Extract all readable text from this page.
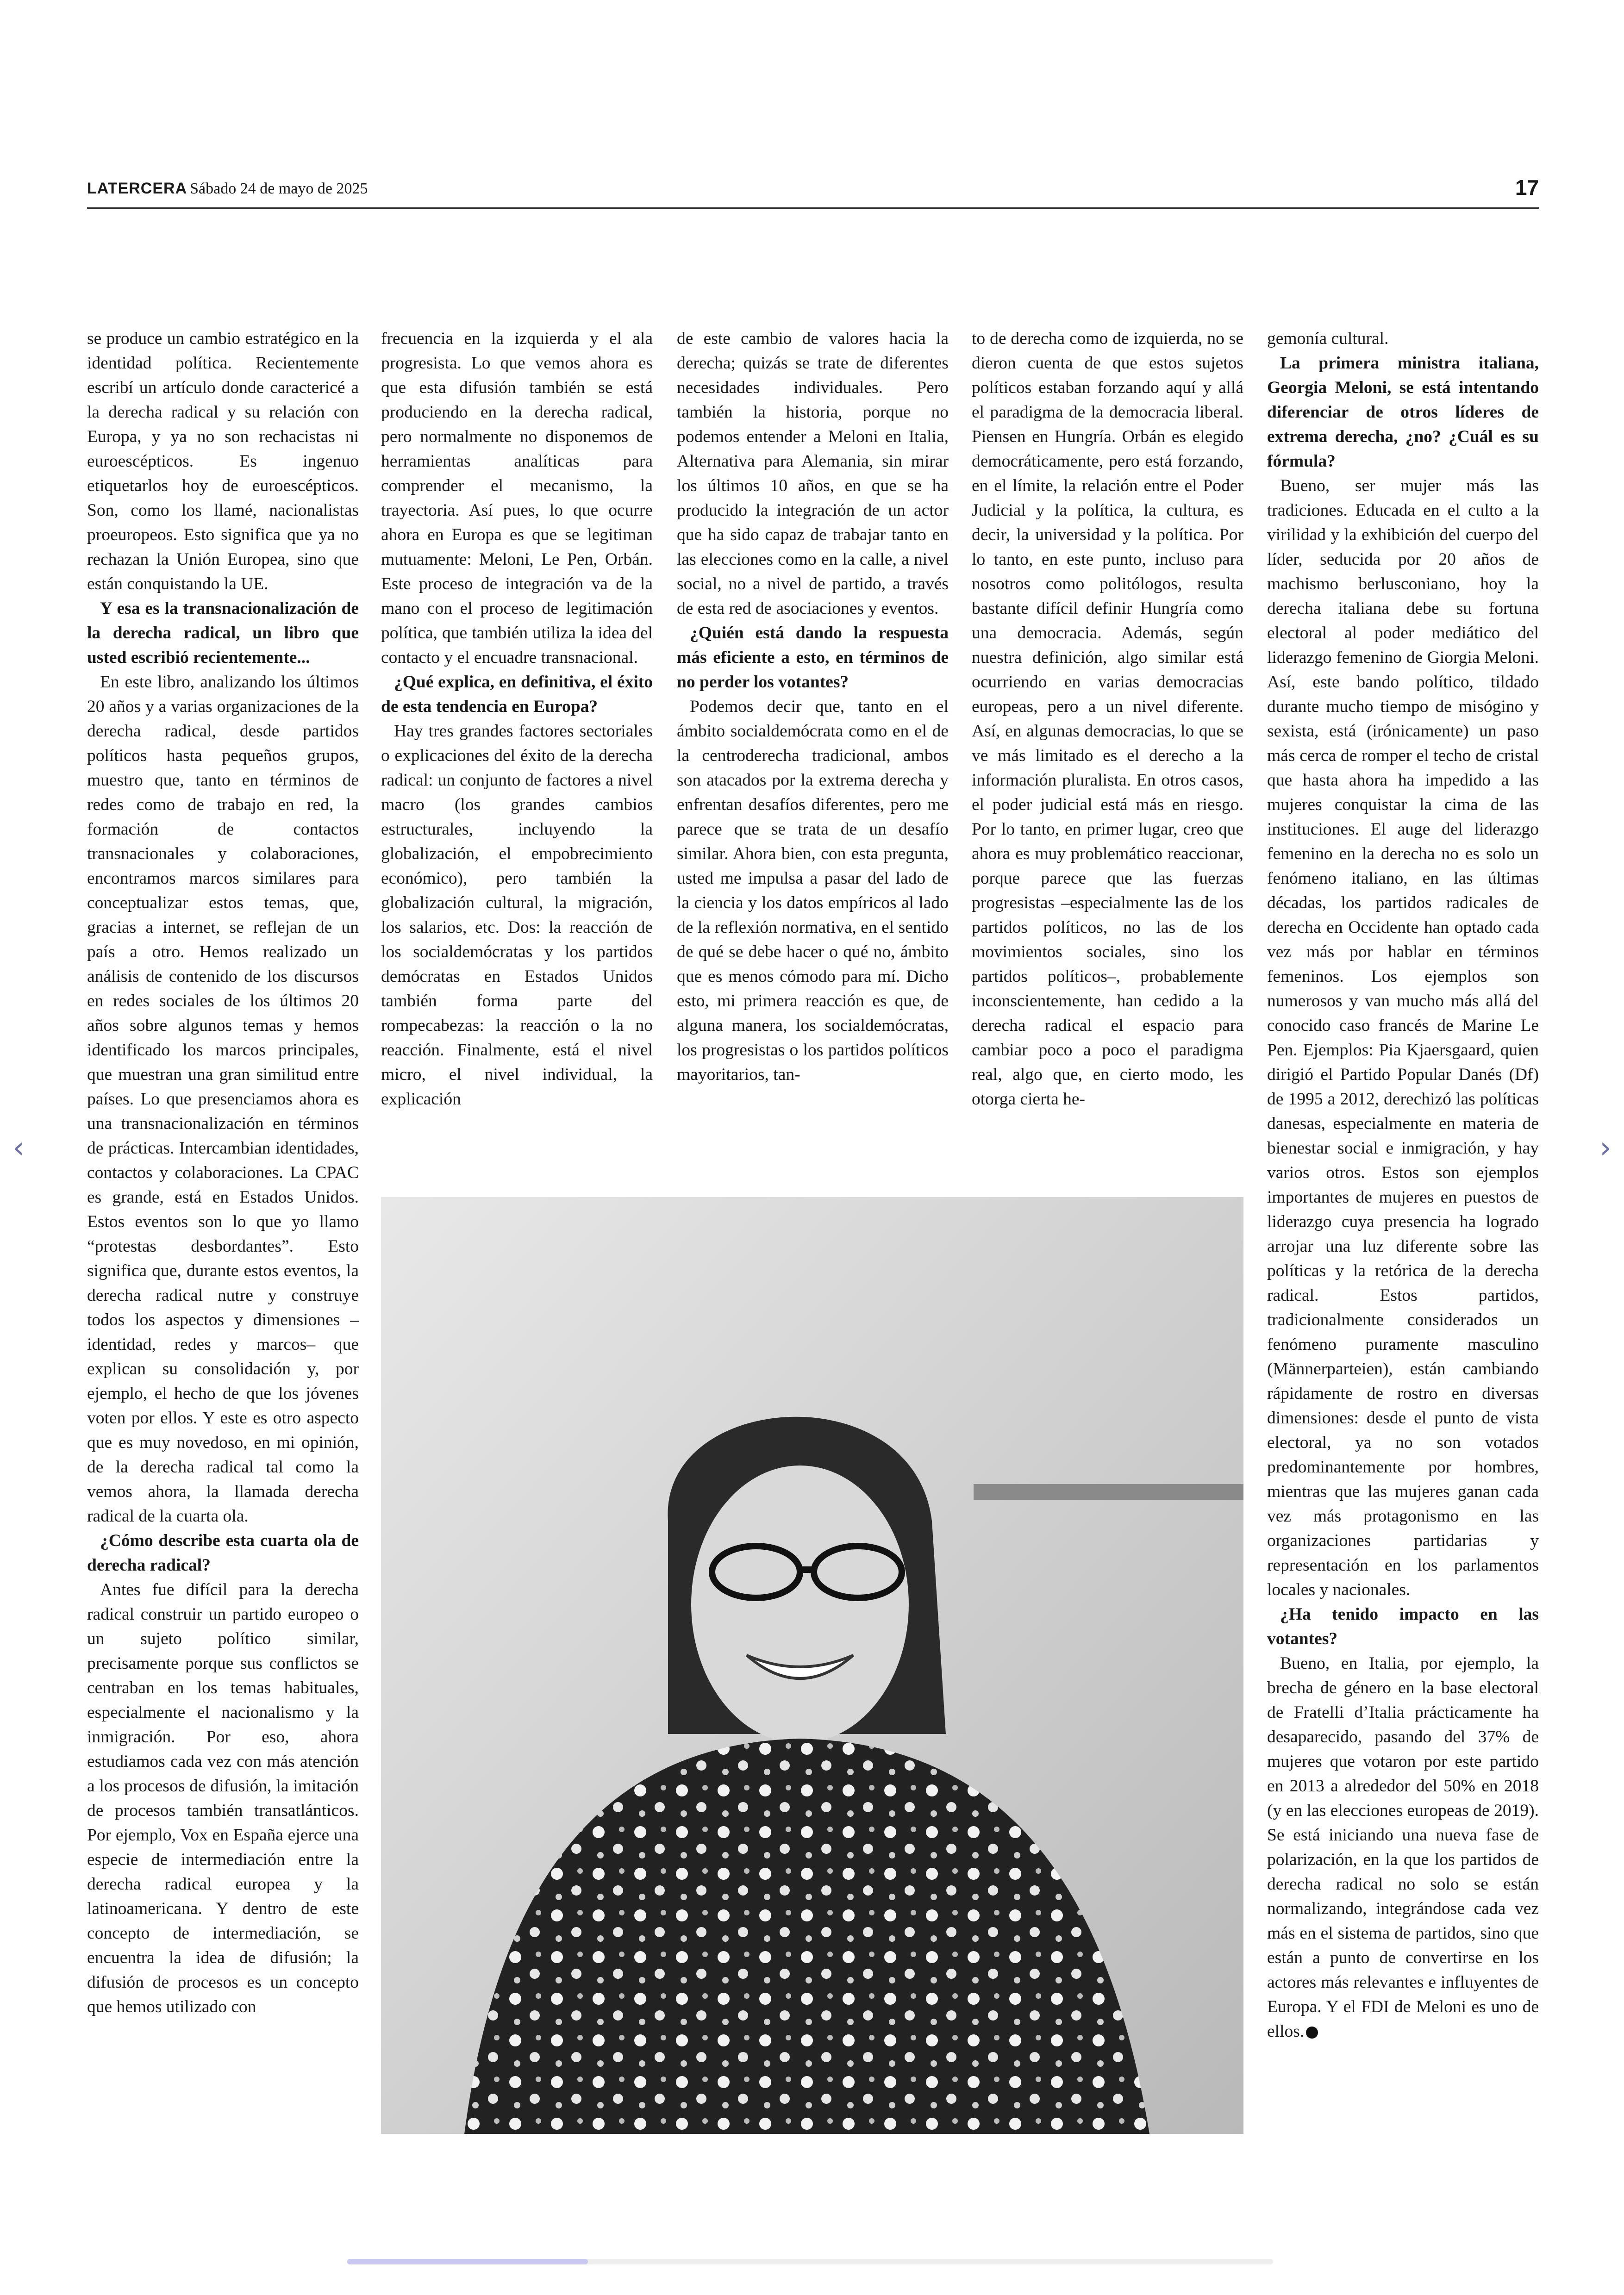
LATERCERA Sábado 24 de mayo de 2025	17

se produce un cambio estratégico en la identidad política. Recientemente escribí un artículo donde caractericé a la derecha radical y su relación con Europa, y ya no son rechacistas ni euroescépticos. Es ingenuo etiquetarlos hoy de euroescépticos. Son, como los llamé, nacionalistas proeuropeos. Esto significa que ya no rechazan la Unión Europea, sino que están conquistando la UE.

Y esa es la transnacionalización de la derecha radical, un libro que usted escribió recientemente...

En este libro, analizando los últimos 20 años y a varias organizaciones de la derecha radical, desde partidos políticos hasta pequeños grupos, muestro que, tanto en términos de redes como de trabajo en red, la formación de contactos transnacionales y colaboraciones, encontramos marcos similares para conceptualizar estos temas, que, gracias a internet, se reflejan de un país a otro. Hemos realizado un análisis de contenido de los discursos en redes sociales de los últimos 20 años sobre algunos temas y hemos identificado los marcos principales, que muestran una gran similitud entre países. Lo que presenciamos ahora es una transnacionalización en términos de prácticas. Intercambian identidades, contactos y colaboraciones. La CPAC es grande, está en Estados Unidos. Estos eventos son lo que yo llamo “protestas desbordantes”. Esto significa que, durante estos eventos, la derecha radical nutre y construye todos los aspectos y dimensiones –identidad, redes y marcos– que explican su consolidación y, por ejemplo, el hecho de que los jóvenes voten por ellos. Y este es otro aspecto que es muy novedoso, en mi opinión, de la derecha radical tal como la vemos ahora, la llamada derecha radical de la cuarta ola.

¿Cómo describe esta cuarta ola de derecha radical?

Antes fue difícil para la derecha radical construir un partido europeo o un sujeto político similar, precisamente porque sus conflictos se centraban en los temas habituales, especialmente el nacionalismo y la inmigración. Por eso, ahora estudiamos cada vez con más atención a los procesos de difusión, la imitación de procesos también transatlánticos. Por ejemplo, Vox en España ejerce una especie de intermediación entre la derecha radical europea y la latinoamericana. Y dentro de este concepto de intermediación, se encuentra la idea de difusión; la difusión de procesos es un concepto que hemos utilizado con

frecuencia en la izquierda y el ala progresista. Lo que vemos ahora es que esta difusión también se está produciendo en la derecha radical, pero normalmente no disponemos de herramientas analíticas para comprender el mecanismo, la trayectoria. Así pues, lo que ocurre ahora en Europa es que se legitiman mutuamente: Meloni, Le Pen, Orbán. Este proceso de integración va de la mano con el proceso de legitimación política, que también utiliza la idea del contacto y el encuadre transnacional.

¿Qué explica, en definitiva, el éxito de esta tendencia en Europa?

Hay tres grandes factores sectoriales o explicaciones del éxito de la derecha radical: un conjunto de factores a nivel macro (los grandes cambios estructurales, incluyendo la globalización, el empobrecimiento económico), pero también la globalización cultural, la migración, los salarios, etc. Dos: la reacción de los socialdemócratas y los partidos demócratas en Estados Unidos también forma parte del rompecabezas: la reacción o la no reacción. Finalmente, está el nivel micro, el nivel individual, la explicación

de este cambio de valores hacia la derecha; quizás se trate de diferentes necesidades individuales. Pero también la historia, porque no podemos entender a Meloni en Italia, Alternativa para Alemania, sin mirar los últimos 10 años, en que se ha producido la integración de un actor que ha sido capaz de trabajar tanto en las elecciones como en la calle, a nivel social, no a nivel de partido, a través de esta red de asociaciones y eventos.

¿Quién está dando la respuesta más eficiente a esto, en términos de no perder los votantes?

Podemos decir que, tanto en el ámbito socialdemócrata como en el de la centroderecha tradicional, ambos son atacados por la extrema derecha y enfrentan desafíos diferentes, pero me parece que se trata de un desafío similar. Ahora bien, con esta pregunta, usted me impulsa a pasar del lado de la ciencia y los datos empíricos al lado de la reflexión normativa, en el sentido de qué se debe hacer o qué no, ámbito que es menos cómodo para mí. Dicho esto, mi primera reacción es que, de alguna manera, los socialdemócratas, los progresistas o los partidos políticos mayoritarios, tan-

to de derecha como de izquierda, no se dieron cuenta de que estos sujetos políticos estaban forzando aquí y allá el paradigma de la democracia liberal. Piensen en Hungría. Orbán es elegido democráticamente, pero está forzando, en el límite, la relación entre el Poder Judicial y la política, la cultura, es decir, la universidad y la política. Por lo tanto, en este punto, incluso para nosotros como politólogos, resulta bastante difícil definir Hungría como una democracia. Además, según nuestra definición, algo similar está ocurriendo en varias democracias europeas, pero a un nivel diferente. Así, en algunas democracias, lo que se ve más limitado es el derecho a la información pluralista. En otros casos, el poder judicial está más en riesgo. Por lo tanto, en primer lugar, creo que ahora es muy problemático reaccionar, porque parece que las fuerzas progresistas –especialmente las de los partidos políticos, no las de los movimientos sociales, sino los partidos políticos–, probablemente inconscientemente, han cedido a la derecha radical el espacio para cambiar poco a poco el paradigma real, algo que, en cierto modo, les otorga cierta he-

gemonía cultural.

La primera ministra italiana, Georgia Meloni, se está intentando diferenciar de otros líderes de extrema derecha, ¿no? ¿Cuál es su fórmula?

Bueno, ser mujer más las tradiciones. Educada en el culto a la virilidad y la exhibición del cuerpo del líder, seducida por 20 años de machismo berlusconiano, hoy la derecha italiana debe su fortuna electoral al poder mediático del liderazgo femenino de Giorgia Meloni. Así, este bando político, tildado durante mucho tiempo de misógino y sexista, está (irónicamente) un paso más cerca de romper el techo de cristal que hasta ahora ha impedido a las mujeres conquistar la cima de las instituciones. El auge del liderazgo femenino en la derecha no es solo un fenómeno italiano, en las últimas décadas, los partidos radicales de derecha en Occidente han optado cada vez más por hablar en términos femeninos. Los ejemplos son numerosos y van mucho más allá del conocido caso francés de Marine Le Pen. Ejemplos: Pia Kjaersgaard, quien dirigió el Partido Popular Danés (Df) de 1995 a 2012, derechizó las políticas danesas, especialmente en materia de bienestar social e inmigración, y hay varios otros. Estos son ejemplos importantes de mujeres en puestos de liderazgo cuya presencia ha logrado arrojar una luz diferente sobre las políticas y la retórica de la derecha radical. Estos partidos, tradicionalmente considerados un fenómeno puramente masculino (Männerparteien), están cambiando rápidamente de rostro en diversas dimensiones: desde el punto de vista electoral, ya no son votados predominantemente por hombres, mientras que las mujeres ganan cada vez más protagonismo en las organizaciones partidarias y representación en los parlamentos locales y nacionales.

¿Ha tenido impacto en las votantes?

Bueno, en Italia, por ejemplo, la brecha de género en la base electoral de Fratelli d’Italia prácticamente ha desaparecido, pasando del 37% de mujeres que votaron por este partido en 2013 a alrededor del 50% en 2018 (y en las elecciones europeas de 2019). Se está iniciando una nueva fase de polarización, en la que los partidos de derecha radical no solo se están normalizando, integrándose cada vez más en el sistema de partidos, sino que están a punto de convertirse en los actores más relevantes e influyentes de Europa. Y el FDI de Meloni es uno de ellos.

‹	›
